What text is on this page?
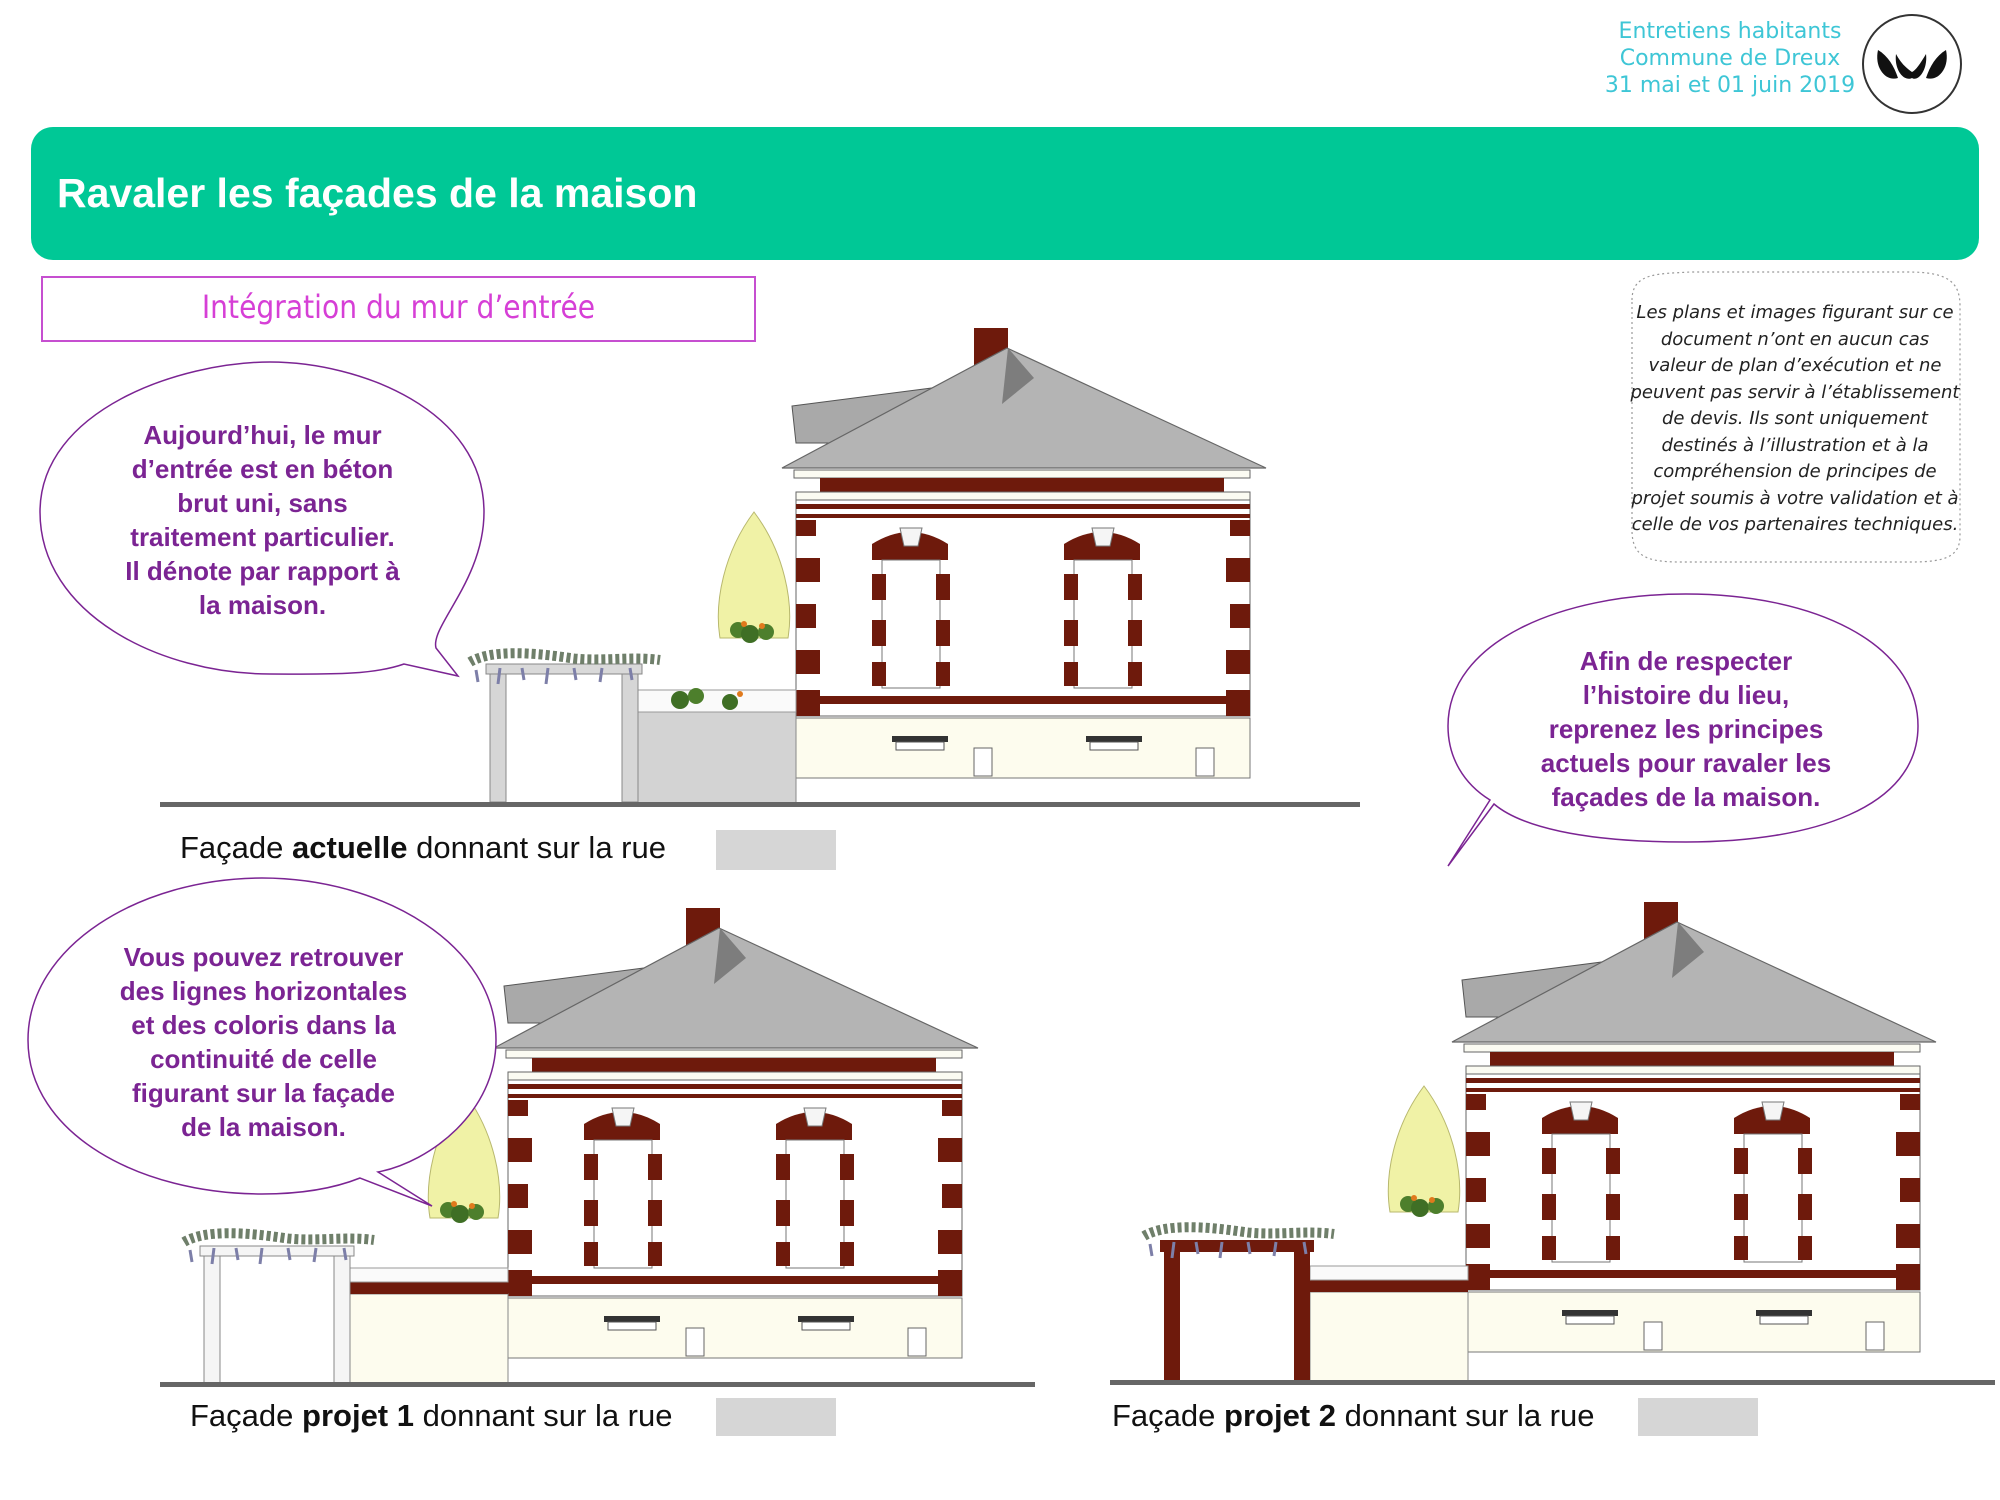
Entretiens habitants
Commune de Dreux
31 mai et 01 juin 2019
Ravaler les façades de la maison
Intégration du mur d’entrée
Aujourd’hui, le mur
d’entrée est en béton
brut uni, sans
traitement particulier.
Il dénote par rapport à
la maison.
Afin de respecter
l’histoire du lieu,
reprenez les principes
actuels pour ravaler les
façades de la maison.
Vous pouvez retrouver
des lignes horizontales
et des coloris dans la
continuité de celle
figurant sur la façade
de la maison.
Les plans et images figurant sur ce
document n’ont en aucun cas
valeur de plan d’exécution et ne
peuvent pas servir à l’établissement
de devis. Ils sont uniquement
destinés à l’illustration et à la
compréhension de principes de
projet soumis à votre validation et à
celle de vos partenaires techniques.
Façade actuelle donnant sur la rue
Façade projet 1 donnant sur la rue	Façade projet 2 donnant sur la rue
